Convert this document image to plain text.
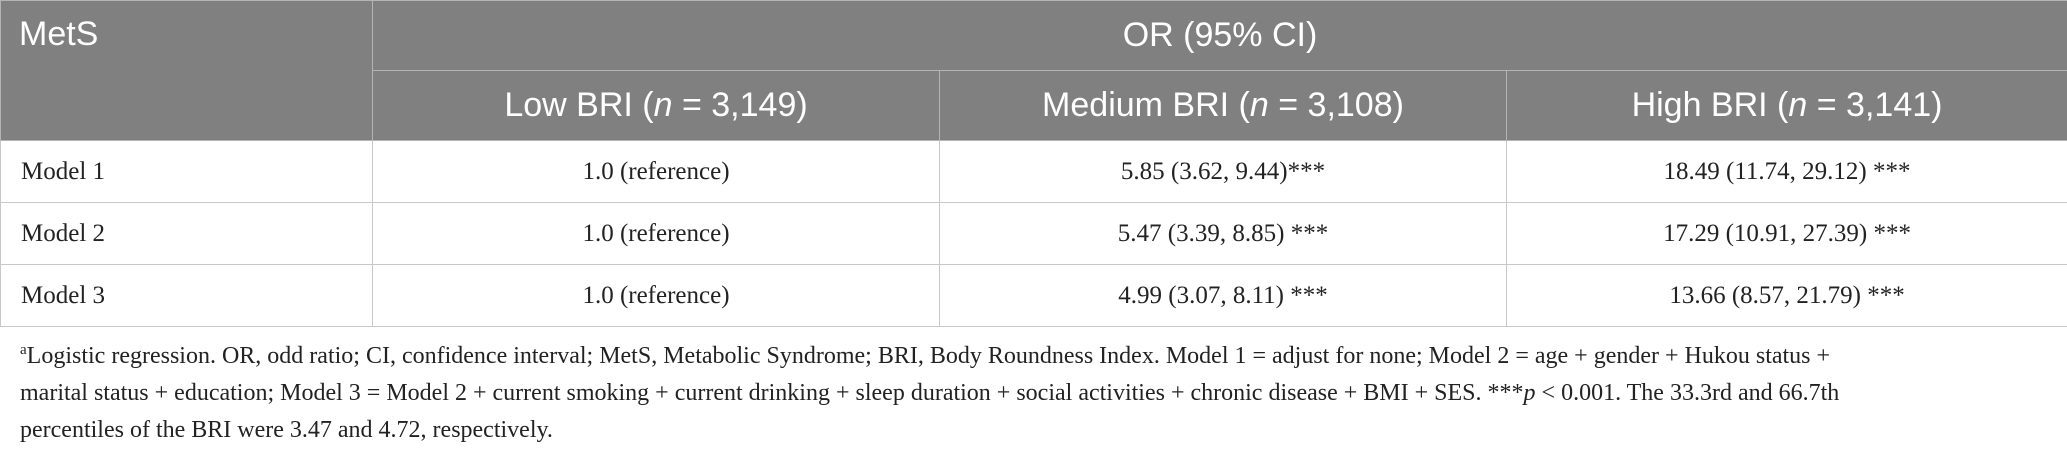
MetS	OR (95% CI)		
	Low BRI (n = 3,149)	Medium BRI (n = 3,108)	High BRI (n = 3,141)
Model 1	1.0 (reference)	5.85 (3.62, 9.44)***	18.49 (11.74, 29.12) ***
Model 2	1.0 (reference)	5.47 (3.39, 8.85) ***	17.29 (10.91, 27.39) ***
Model 3	1.0 (reference)	4.99 (3.07, 8.11) ***	13.66 (8.57, 21.79) ***
$^a$Logistic regression. OR, odd ratio; CI, confidence interval; MetS, Metabolic Syndrome; BRI, Body Roundness Index. Model 1 = adjust for none; Model 2 = age + gender + Hukou status +
marital status + education; Model 3 = Model 2 + current smoking + current drinking + sleep duration + social activities + chronic disease + BMI + SES. ***p < 0.001. The 33.3rd and 66.7th
percentiles of the BRI were 3.47 and 4.72, respectively.
